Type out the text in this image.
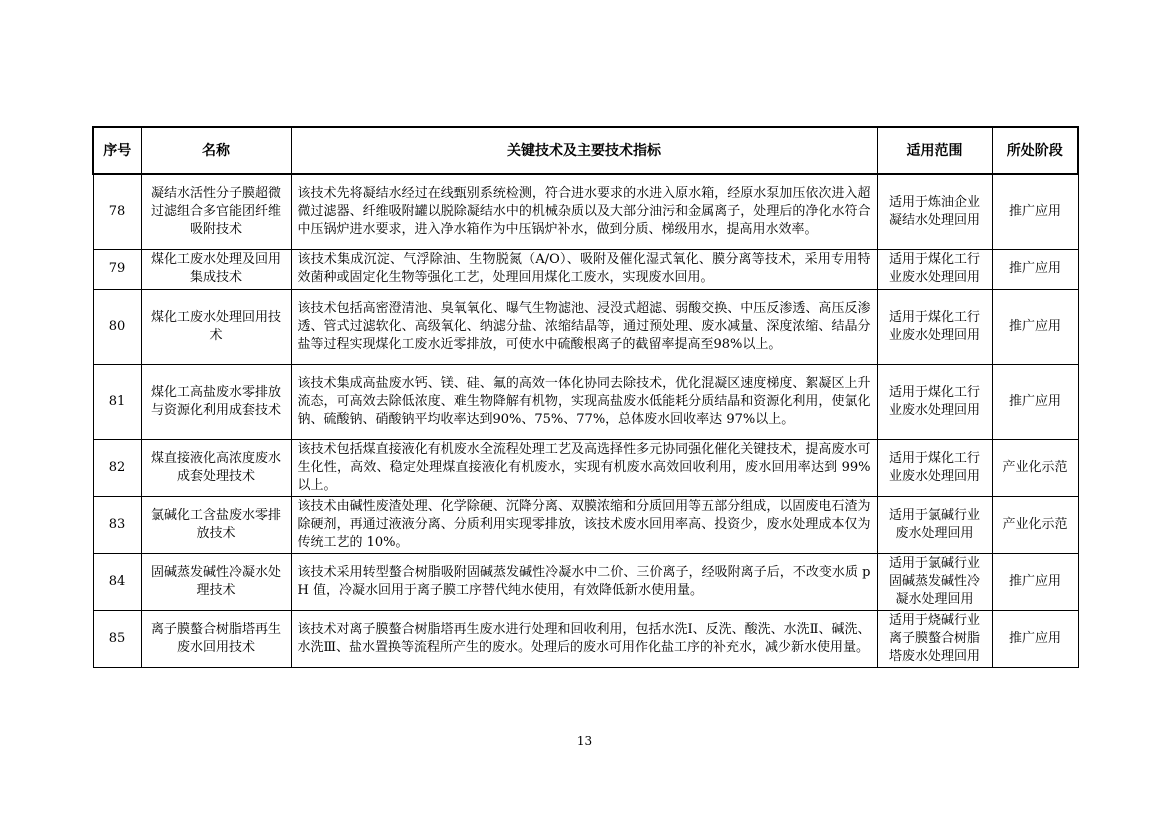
序号	名称	关键技术及主要技术指标	适用范围	所处阶段
78	凝结水活性分子膜超微过滤组合多官能团纤维吸附技术	该技术先将凝结水经过在线甄别系统检测，符合进水要求的水进入原水箱，经原水泵加压依次进入超微过滤器、纤维吸附罐以脱除凝结水中的机械杂质以及大部分油污和金属离子，处理后的净化水符合中压锅炉进水要求，进入净水箱作为中压锅炉补水，做到分质、梯级用水，提高用水效率。	适用于炼油企业凝结水处理回用	推广应用
79	煤化工废水处理及回用集成技术	该技术集成沉淀、气浮除油、生物脱氮（A/O）、吸附及催化湿式氧化、膜分离等技术，采用专用特效菌种或固定化生物等强化工艺，处理回用煤化工废水，实现废水回用。	适用于煤化工行业废水处理回用	推广应用
80	煤化工废水处理回用技术	该技术包括高密澄清池、臭氧氧化、曝气生物滤池、浸没式超滤、弱酸交换、中压反渗透、高压反渗透、管式过滤软化、高级氧化、纳滤分盐、浓缩结晶等，通过预处理、废水减量、深度浓缩、结晶分盐等过程实现煤化工废水近零排放，可使水中硫酸根离子的截留率提高至98%以上。	适用于煤化工行业废水处理回用	推广应用
81	煤化工高盐废水零排放与资源化利用成套技术	该技术集成高盐废水钙、镁、硅、氟的高效一体化协同去除技术，优化混凝区速度梯度、絮凝区上升流态，可高效去除低浓度、难生物降解有机物，实现高盐废水低能耗分质结晶和资源化利用，使氯化钠、硫酸钠、硝酸钠平均收率达到90%、75%、77%，总体废水回收率达 97%以上。	适用于煤化工行业废水处理回用	推广应用
82	煤直接液化高浓度废水成套处理技术	该技术包括煤直接液化有机废水全流程处理工艺及高选择性多元协同强化催化关键技术，提高废水可生化性，高效、稳定处理煤直接液化有机废水，实现有机废水高效回收利用，废水回用率达到 99%以上。	适用于煤化工行业废水处理回用	产业化示范
83	氯碱化工含盐废水零排放技术	该技术由碱性废渣处理、化学除硬、沉降分离、双膜浓缩和分质回用等五部分组成，以固废电石渣为除硬剂，再通过液液分离、分质利用实现零排放，该技术废水回用率高、投资少，废水处理成本仅为传统工艺的 10%。	适用于氯碱行业废水处理回用	产业化示范
84	固碱蒸发碱性冷凝水处理技术	该技术采用转型螯合树脂吸附固碱蒸发碱性冷凝水中二价、三价离子，经吸附离子后，不改变水质 pH 值，冷凝水回用于离子膜工序替代纯水使用，有效降低新水使用量。	适用于氯碱行业固碱蒸发碱性冷凝水处理回用	推广应用
85	离子膜螯合树脂塔再生废水回用技术	该技术对离子膜螯合树脂塔再生废水进行处理和回收利用，包括水洗Ⅰ、反洗、酸洗、水洗Ⅱ、碱洗、水洗Ⅲ、盐水置换等流程所产生的废水。处理后的废水可用作化盐工序的补充水，减少新水使用量。	适用于烧碱行业离子膜螯合树脂塔废水处理回用	推广应用
13
